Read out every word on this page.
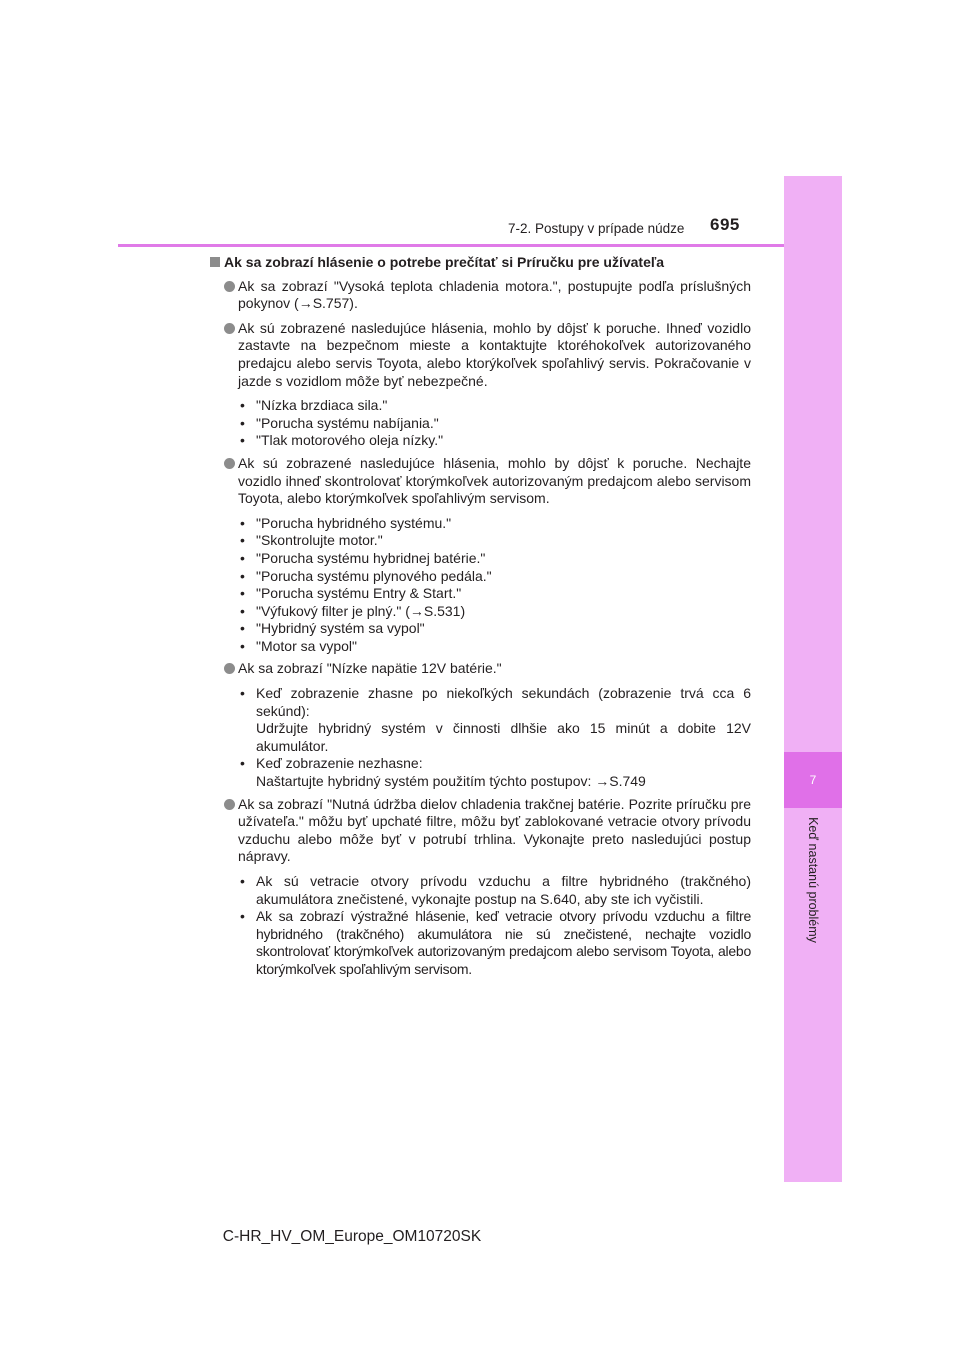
7
Keď nastanú problémy
7-2. Postupy v prípade núdze 695
Ak sa zobrazí hlásenie o potrebe prečítať si Príručku pre užívateľa
Ak sa zobrazí "Vysoká teplota chladenia motora.", postupujte podľa príslušných pokynov (→S.757).
Ak sú zobrazené nasledujúce hlásenia, mohlo by dôjsť k poruche. Ihneď vozidlo zastavte na bezpečnom mieste a kontaktujte ktoréhokoľvek autorizovaného predajcu alebo servis Toyota, alebo ktorýkoľvek spoľahlivý servis. Pokračovanie v jazde s vozidlom môže byť nebezpečné.
• "Nízka brzdiaca sila."
• "Porucha systému nabíjania."
• "Tlak motorového oleja nízky."
Ak sú zobrazené nasledujúce hlásenia, mohlo by dôjsť k poruche. Nechajte vozidlo ihneď skontrolovať ktorýmkoľvek autorizovaným predajcom alebo servisom Toyota, alebo ktorýmkoľvek spoľahlivým servisom.
• "Porucha hybridného systému."
• "Skontrolujte motor."
• "Porucha systému hybridnej batérie."
• "Porucha systému plynového pedála."
• "Porucha systému Entry & Start."
• "Výfukový filter je plný." (→S.531)
• "Hybridný systém sa vypol"
• "Motor sa vypol"
Ak sa zobrazí "Nízke napätie 12V batérie."
• Keď zobrazenie zhasne po niekoľkých sekundách (zobrazenie trvá cca 6 sekúnd):
Udržujte hybridný systém v činnosti dlhšie ako 15 minút a dobite 12V akumulátor.
• Keď zobrazenie nezhasne:
Naštartujte hybridný systém použitím týchto postupov: →S.749
Ak sa zobrazí "Nutná údržba dielov chladenia trakčnej batérie. Pozrite príručku pre užívateľa." môžu byť upchaté filtre, môžu byť zablokované vetracie otvory prívodu vzduchu alebo môže byť v potrubí trhlina. Vykonajte preto nasledujúci postup nápravy.
• Ak sú vetracie otvory prívodu vzduchu a filtre hybridného (trakčného) akumulátora znečistené, vykonajte postup na S.640, aby ste ich vyčistili.
• Ak sa zobrazí výstražné hlásenie, keď vetracie otvory prívodu vzduchu a filtre hybridného (trakčného) akumulátora nie sú znečistené, nechajte vozidlo skontrolovať ktorýmkoľvek autorizovaným predajcom alebo servisom Toyota, alebo ktorýmkoľvek spoľahlivým servisom.
C-HR_HV_OM_Europe_OM10720SK
